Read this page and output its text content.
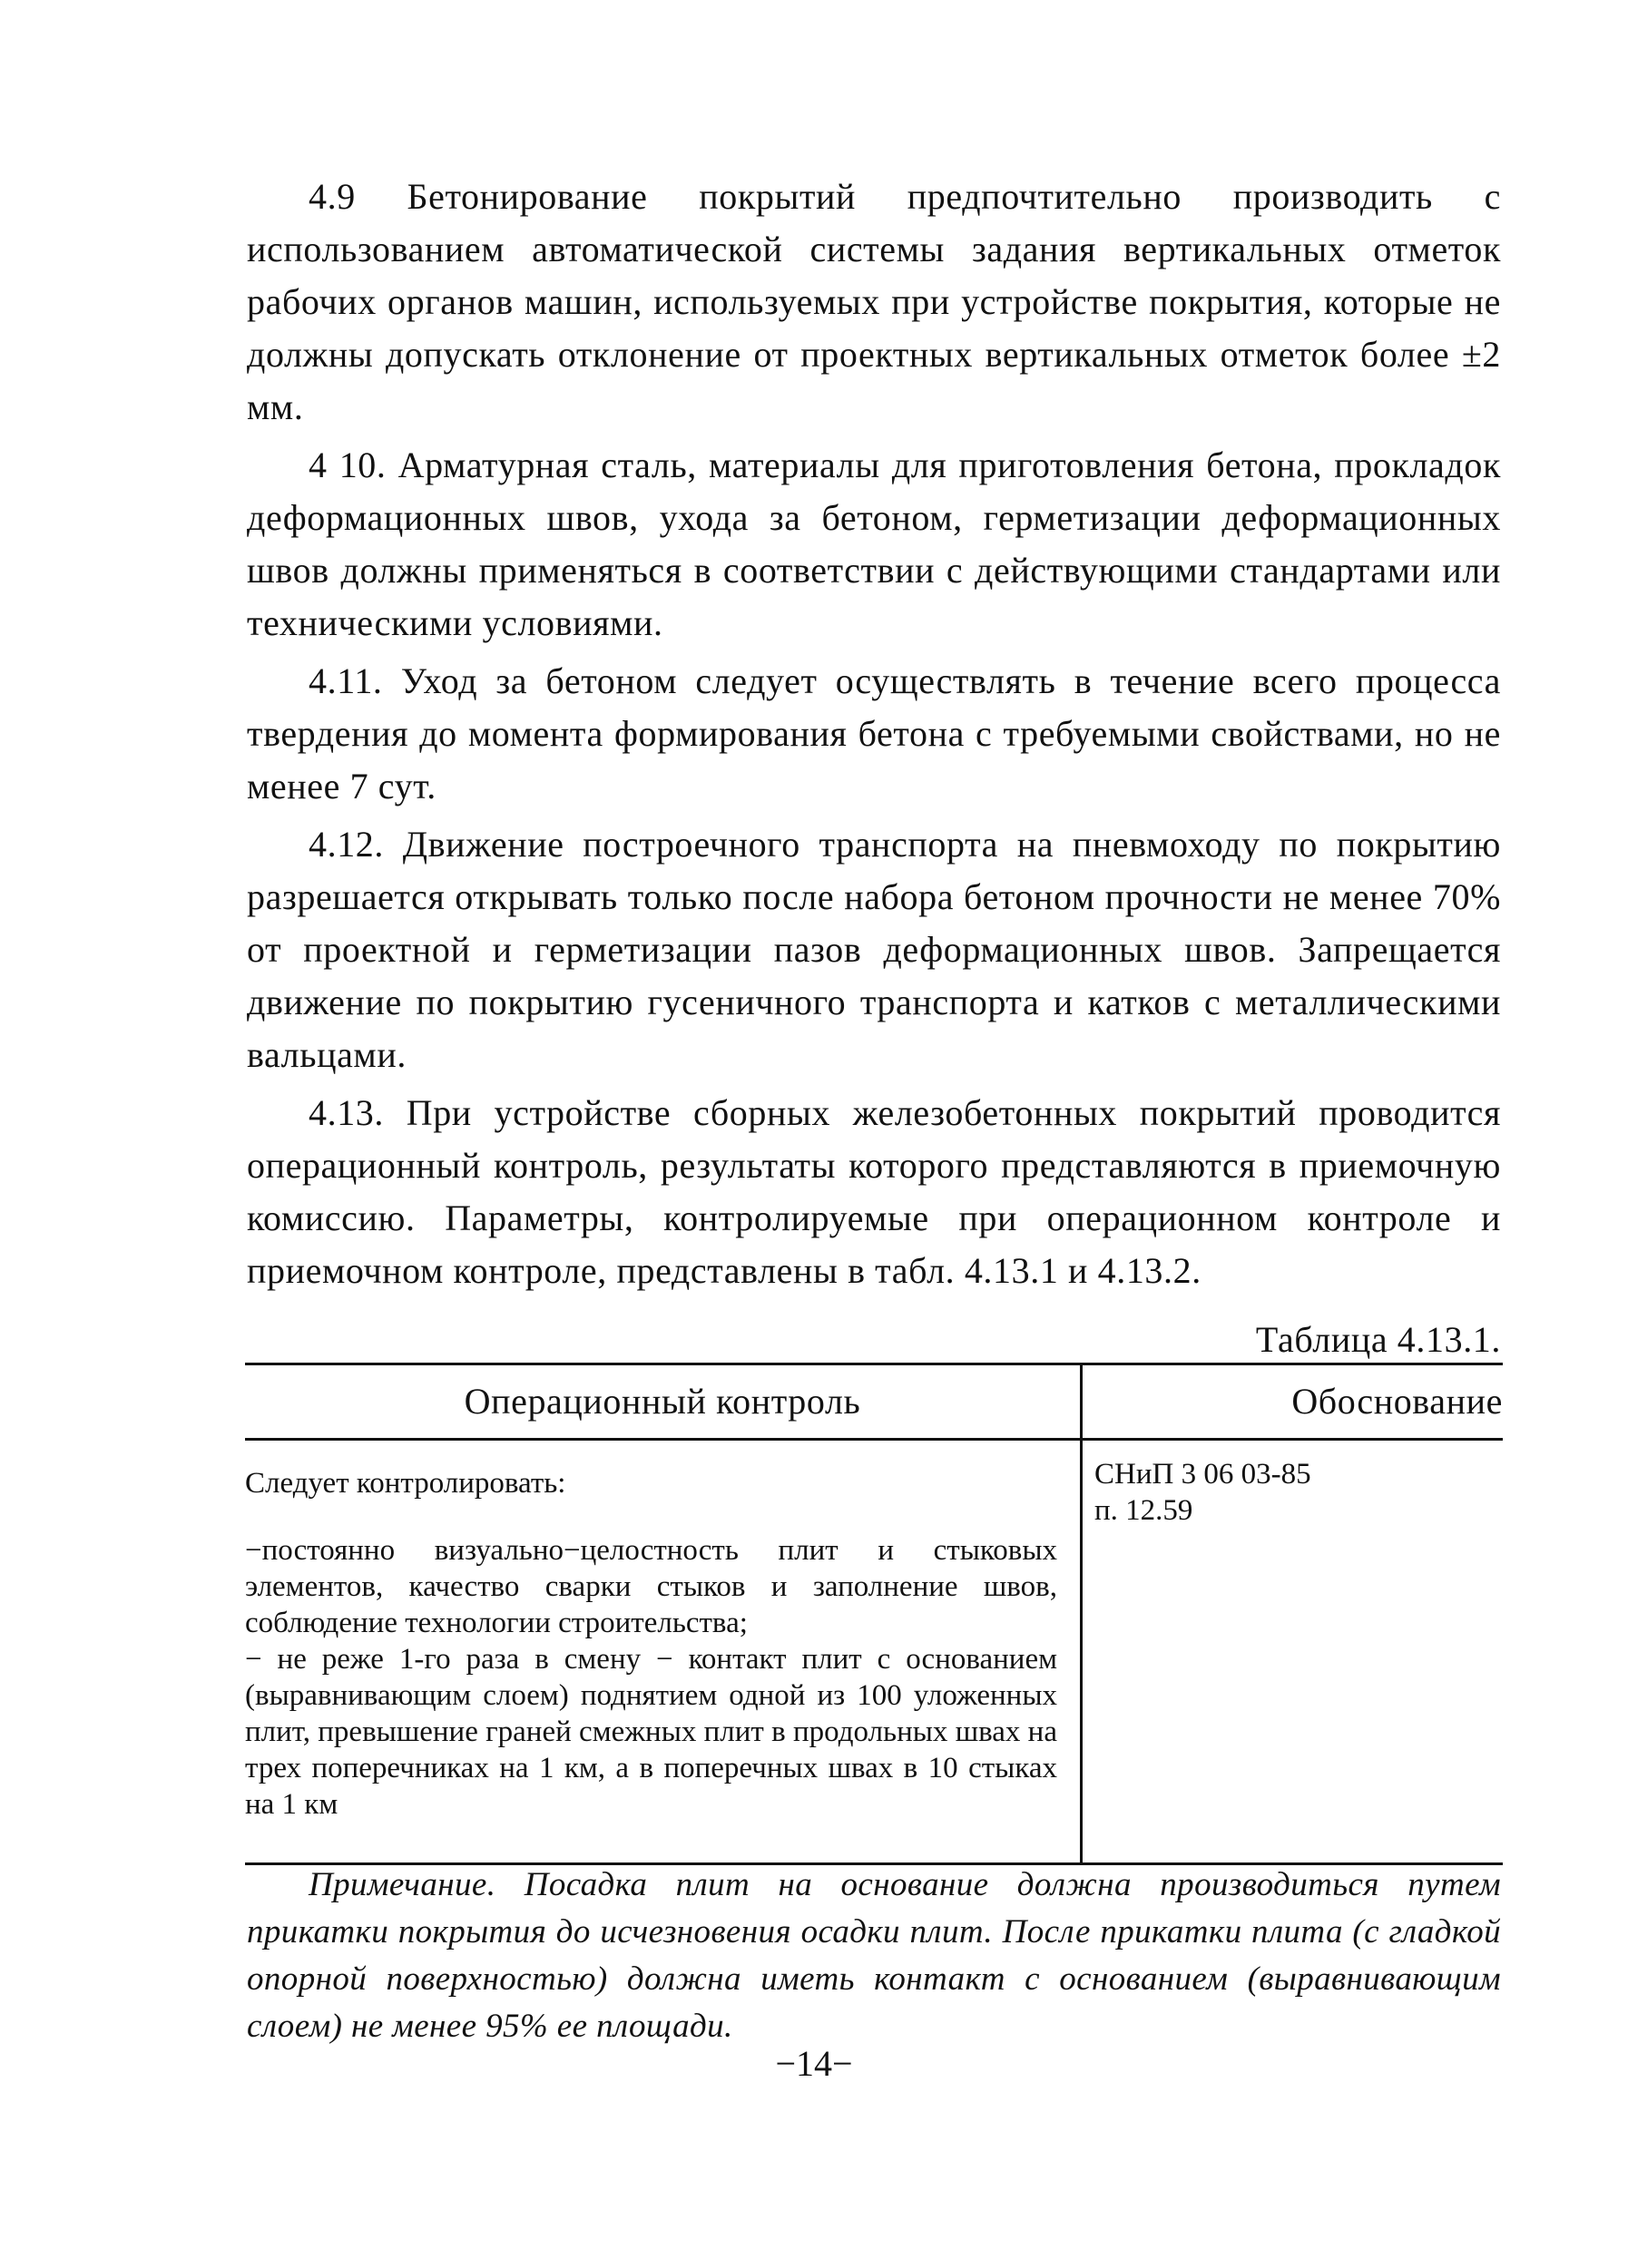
4.9 Бетонирование покрытий предпочтительно производить с использованием автоматической системы задания вертикальных отметок рабочих органов машин, используемых при устройстве покрытия, которые не должны допускать отклонение от проектных вертикальных отметок более ±2 мм.

4 10. Арматурная сталь, материалы для приготовления бетона, прокладок деформационных швов, ухода за бетоном, герметизации деформационных швов должны применяться в соответствии с действующими стандартами или техническими условиями.

4.11. Уход за бетоном следует осуществлять в течение всего процесса твердения до момента формирования бетона с требуемыми свойствами, но не менее 7 сут.

4.12. Движение построечного транспорта на пневмоходу по покрытию разрешается открывать только после набора бетоном прочности не менее 70% от проектной и герметизации пазов деформационных швов. Запрещается движение по покрытию гусеничного транспорта и катков с металлическими вальцами.

4.13. При устройстве сборных железобетонных покрытий проводится операционный контроль, результаты которого представляются в приемочную комиссию. Параметры, контролируемые при операционном контроле и приемочном контроле, представлены в табл. 4.13.1 и 4.13.2.

Таблица 4.13.1.
Операционный контроль	Обоснование

Следует контролировать:

−постоянно визуально−целостность плит и стыковых элементов, качество сварки стыков и заполнение швов, соблюдение технологии строительства;

− не реже 1-го раза в смену − контакт плит с основанием (выравнивающим слоем) поднятием одной из 100 уложенных плит, превышение граней смежных плит в продольных швах на трех поперечниках на 1 км, а в поперечных швах в 10 стыках на 1 км

СНиП 3 06 03-85
п. 12.59
Примечание. Посадка плит на основание должна производиться путем прикатки покрытия до исчезновения осадки плит. После прикатки плита (с гладкой опорной поверхностью) должна иметь контакт с основанием (выравнивающим слоем) не менее 95% ее площади.
−14−
